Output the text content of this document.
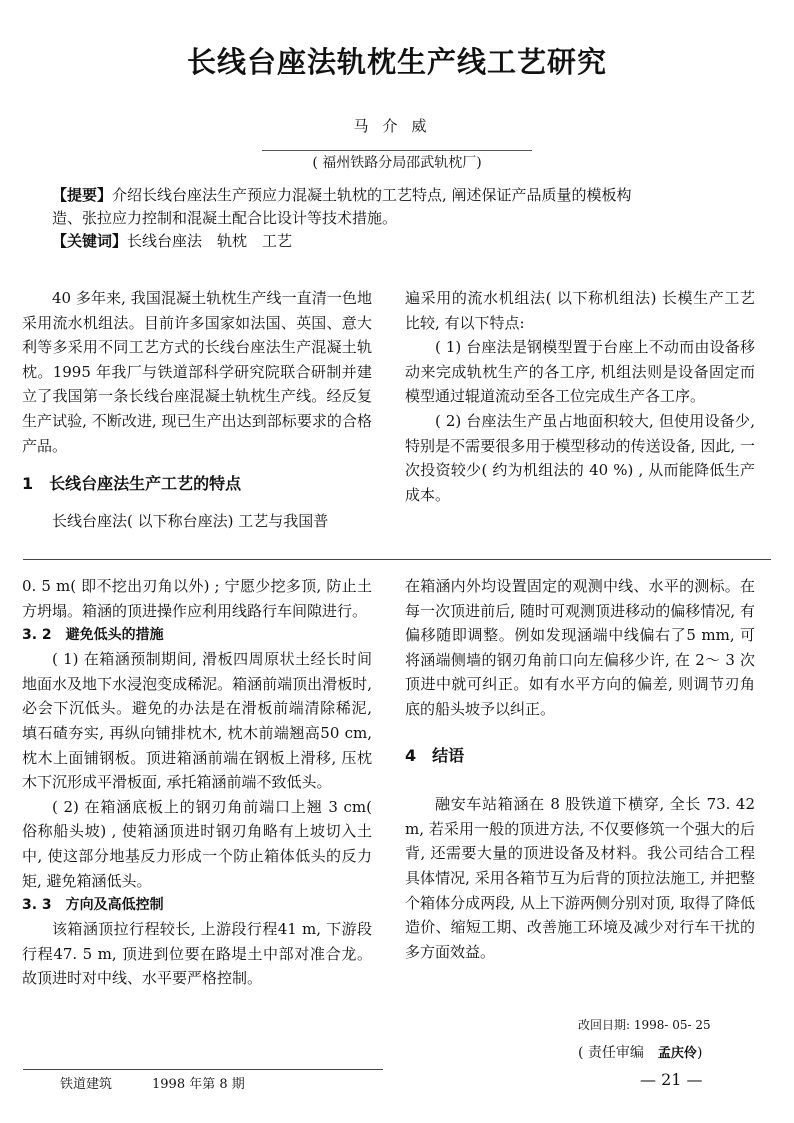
长线台座法轨枕生产线工艺研究
马介威
( 福州铁路分局邵武轨枕厂)
【提要】介绍长线台座法生产预应力混凝土轨枕的工艺特点, 阐述保证产品质量的模板构
造、张拉应力控制和混凝土配合比设计等技术措施。
【关键词】长线台座法　轨枕　工艺

40 多年来, 我国混凝土轨枕生产线一直清一色地采用流水机组法。目前许多国家如法国、英国、意大利等多采用不同工艺方式的长线台座法生产混凝土轨枕。1995 年我厂与铁道部科学研究院联合研制并建立了我国第一条长线台座混凝土轨枕生产线。经反复生产试验, 不断改进, 现已生产出达到部标要求的合格产品。

1　长线台座法生产工艺的特点

长线台座法( 以下称台座法) 工艺与我国普

遍采用的流水机组法( 以下称机组法) 长模生产工艺比较, 有以下特点:

( 1) 台座法是钢模型置于台座上不动而由设备移动来完成轨枕生产的各工序, 机组法则是设备固定而模型通过辊道流动至各工位完成生产各工序。

( 2) 台座法生产虽占地面积较大, 但使用设备少, 特别是不需要很多用于模型移动的传送设备, 因此, 一次投资较少( 约为机组法的 40 %) , 从而能降低生产成本。

0. 5 m( 即不挖出刃角以外) ; 宁愿少挖多顶, 防止土方坍塌。箱涵的顶进操作应利用线路行车间隙进行。

3. 2　避免低头的措施

( 1) 在箱涵预制期间, 滑板四周原状土经长时间地面水及地下水浸泡变成稀泥。箱涵前端顶出滑板时, 必会下沉低头。避免的办法是在滑板前端清除稀泥, 填石碴夯实, 再纵向铺排枕木, 枕木前端翘高50 cm, 枕木上面铺钢板。顶进箱涵前端在钢板上滑移, 压枕木下沉形成平滑板面, 承托箱涵前端不致低头。

( 2) 在箱涵底板上的钢刃角前端口上翘 3 cm( 俗称船头坡) , 使箱涵顶进时钢刃角略有上坡切入土中, 使这部分地基反力形成一个防止箱体低头的反力矩, 避免箱涵低头。

3. 3　方向及高低控制

该箱涵顶拉行程较长, 上游段行程41 m, 下游段行程47. 5 m, 顶进到位要在路堤土中部对准合龙。故顶进时对中线、水平要严格控制。

在箱涵内外均设置固定的观测中线、水平的测标。在每一次顶进前后, 随时可观测顶进移动的偏移情况, 有偏移随即调整。例如发现涵端中线偏右了5 mm, 可将涵端侧墙的钢刃角前口向左偏移少许, 在 2～ 3 次顶进中就可纠正。如有水平方向的偏差, 则调节刃角底的船头坡予以纠正。

4　结语

融安车站箱涵在 8 股铁道下横穿, 全长 73. 42 m, 若采用一般的顶进方法, 不仅要修筑一个强大的后背, 还需要大量的顶进设备及材料。我公司结合工程具体情况, 采用各箱节互为后背的顶拉法施工, 并把整个箱体分成两段, 从上下游两侧分别对顶, 取得了降低造价、缩短工期、改善施工环境及减少对行车干扰的多方面效益。

改回日期: 1998- 05- 25
( 责任审编　孟庆伶)
铁道建筑	1998 年第 8 期	— 21 —
